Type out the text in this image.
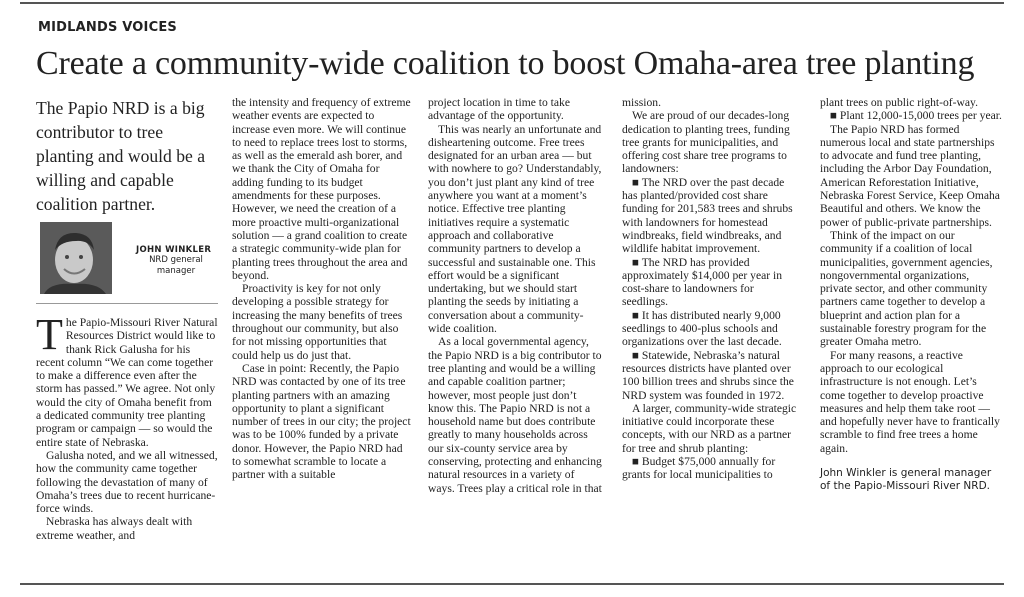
MIDLANDS VOICES
Create a community-wide coalition to boost Omaha-area tree planting
The Papio NRD is a big contributor to tree planting and would be a willing and capable coalition partner.
JOHN WINKLER
NRD general manager
T he Papio-Missouri River Natural Resources District would like to thank Rick Galusha for his recent column “We can come together to make a difference even after the storm has passed.” We agree. Not only would the city of Omaha benefit from a dedicated community tree planting program or campaign — so would the entire state of Nebraska.

Galusha noted, and we all witnessed, how the community came together following the devastation of many of Omaha’s trees due to recent hurricane-force winds.

Nebraska has always dealt with extreme weather, and

the intensity and frequency of extreme weather events are expected to increase even more. We will continue to need to replace trees lost to storms, as well as the emerald ash borer, and we thank the City of Omaha for adding funding to its budget amendments for these purposes. However, we need the creation of a more proactive multi-organizational solution — a grand coalition to create a strategic community-wide plan for planting trees throughout the area and beyond.

Proactivity is key for not only developing a possible strategy for increasing the many benefits of trees throughout our community, but also for not missing opportunities that could help us do just that.

Case in point: Recently, the Papio NRD was contacted by one of its tree planting partners with an amazing opportunity to plant a significant number of trees in our city; the project was to be 100% funded by a private donor. However, the Papio NRD had to somewhat scramble to locate a partner with a suitable

project location in time to take advantage of the opportunity.

This was nearly an unfortunate and disheartening outcome. Free trees designated for an urban area — but with nowhere to go? Understandably, you don’t just plant any kind of tree anywhere you want at a moment’s notice. Effective tree planting initiatives require a systematic approach and collaborative community partners to develop a successful and sustainable one. This effort would be a significant undertaking, but we should start planting the seeds by initiating a conversation about a community-wide coalition.

As a local governmental agency, the Papio NRD is a big contributor to tree planting and would be a willing and capable coalition partner; however, most people just don’t know this. The Papio NRD is not a household name but does contribute greatly to many households across our six-county service area by conserving, protecting and enhancing natural resources in a variety of ways. Trees play a critical role in that

mission.

We are proud of our decades-long dedication to planting trees, funding tree grants for municipalities, and offering cost share tree programs to landowners:

■ The NRD over the past decade has planted/provided cost share funding for 201,583 trees and shrubs with landowners for homestead windbreaks, field windbreaks, and wildlife habitat improvement.

■ The NRD has provided approximately $14,000 per year in cost-share to landowners for seedlings.

■ It has distributed nearly 9,000 seedlings to 400-plus schools and organizations over the last decade.

■ Statewide, Nebraska’s natural resources districts have planted over 100 billion trees and shrubs since the NRD system was founded in 1972.

A larger, community-wide strategic initiative could incorporate these concepts, with our NRD as a partner for tree and shrub planting:

■ Budget $75,000 annually for grants for local municipalities to

plant trees on public right-of-way.

■ Plant 12,000-15,000 trees per year.

The Papio NRD has formed numerous local and state partnerships to advocate and fund tree planting, including the Arbor Day Foundation, American Reforestation Initiative, Nebraska Forest Service, Keep Omaha Beautiful and others. We know the power of public-private partnerships.

Think of the impact on our community if a coalition of local municipalities, government agencies, nongovernmental organizations, private sector, and other community partners came together to develop a blueprint and action plan for a sustainable forestry program for the greater Omaha metro.

For many reasons, a reactive approach to our ecological infrastructure is not enough. Let’s come together to develop proactive measures and help them take root — and hopefully never have to frantically scramble to find free trees a home again.

John Winkler is general manager of the Papio-Missouri River NRD.
